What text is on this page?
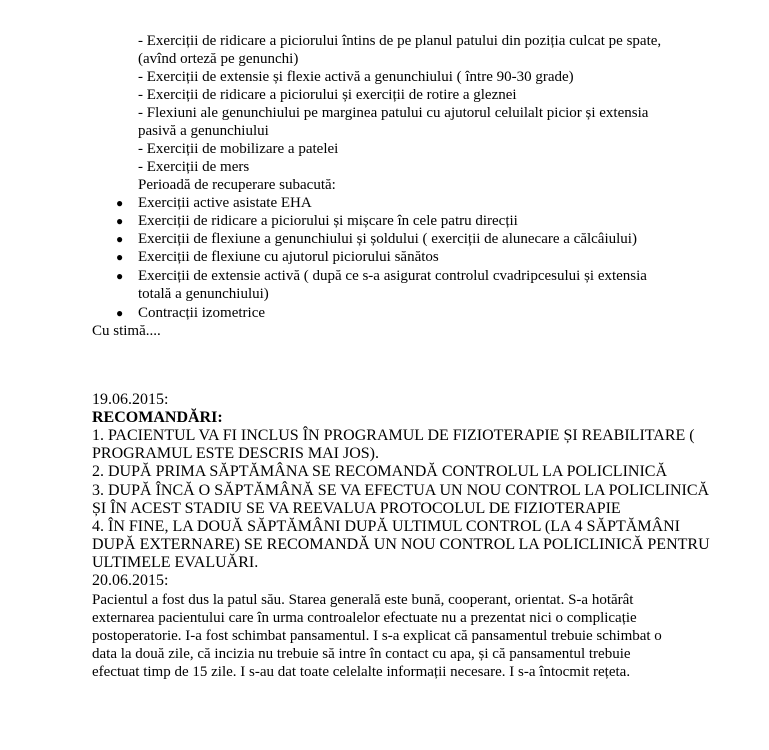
- Exerciții de ridicare a piciorului întins de pe planul patului din poziția culcat pe spate,
(avînd orteză pe genunchi)
- Exerciții de extensie și flexie activă a genunchiului ( între 90-30 grade)
- Exerciții de ridicare a piciorului și exerciții de rotire a gleznei
- Flexiuni ale genunchiului pe marginea patului cu ajutorul celuilalt picior și extensia
pasivă a genunchiului
- Exerciții de mobilizare a patelei
- Exerciții de mers
Perioadă de recuperare subacută:
● Exerciții active asistate EHA
● Exerciții de ridicare a piciorului și mișcare în cele patru direcții
● Exerciții de flexiune a genunchiului și șoldului ( exerciții de alunecare a călcâiului)
● Exerciții de flexiune cu ajutorul piciorului sănătos
● Exerciții de extensie activă ( după ce s-a asigurat controlul cvadripcesului și extensia
totală a genunchiului)
● Contracții izometrice
Cu stimă....
19.06.2015:
RECOMANDĂRI:
1. PACIENTUL VA FI INCLUS ÎN PROGRAMUL DE FIZIOTERAPIE ȘI REABILITARE (
PROGRAMUL ESTE DESCRIS MAI JOS).
2. DUPĂ PRIMA SĂPTĂMÂNA SE RECOMANDĂ CONTROLUL LA POLICLINICĂ
3. DUPĂ ÎNCĂ O SĂPTĂMÂNĂ SE VA EFECTUA UN NOU CONTROL LA POLICLINICĂ
ȘI ÎN ACEST STADIU SE VA REEVALUA PROTOCOLUL DE FIZIOTERAPIE
4. ÎN FINE, LA DOUĂ SĂPTĂMÂNI DUPĂ ULTIMUL CONTROL (LA 4 SĂPTĂMÂNI
DUPĂ EXTERNARE) SE RECOMANDĂ UN NOU CONTROL LA POLICLINICĂ PENTRU
ULTIMELE EVALUĂRI.
20.06.2015:
Pacientul a fost dus la patul său. Starea generală este bună, cooperant, orientat. S-a hotărât
externarea pacientului care în urma controalelor efectuate nu a prezentat nici o complicație
postoperatorie. I-a fost schimbat pansamentul. I s-a explicat că pansamentul trebuie schimbat o
data la două zile, că incizia nu trebuie să intre în contact cu apa, și că pansamentul trebuie
efectuat timp de 15 zile. I s-au dat toate celelalte informații necesare. I s-a întocmit rețeta.
